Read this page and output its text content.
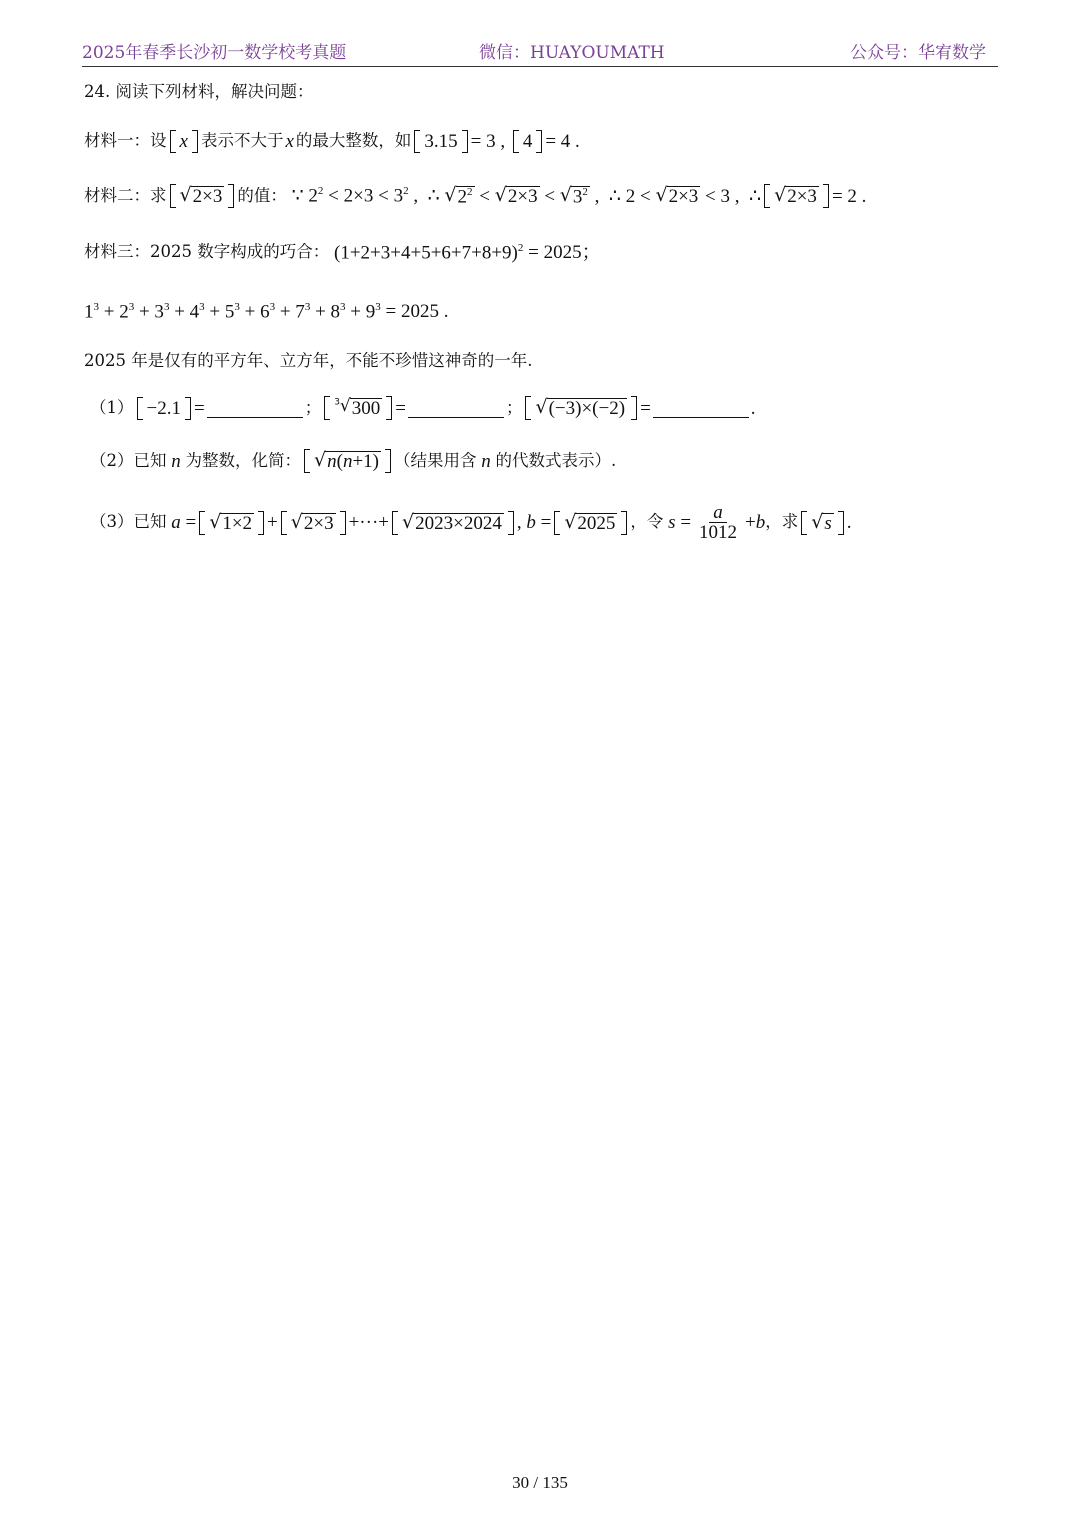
2025年春季长沙初一数学校考真题	微信：HUAYOUMATH	公众号：华宥数学
24. 阅读下列材料，解决问题：
材料一：设 x 表示不大于 x 的最大整数，如 3.15 = 3 , 4 = 4 .
材料二：求 √ 2×3 的值： ∵ $2^2 < 2\times 3 < 3^2$ ,  ∴ √ $2^2$ < √ 2×3 < √ $3^2$ ,  ∴ 2 < √ 2×3 < 3 ,  ∴ √ 2×3 = 2 .
材料三：2025 数字构成的巧合： $(1+2+3+4+5+6+7+8+9)^2 = 2025$；
$1^3 + 2^3 + 3^3 + 4^3 + 5^3 + 6^3 + 7^3 + 8^3 + 9^3 = 2025$ .
2025 年是仅有的平方年、立方年，不能不珍惜这神奇的一年.
（1） −2.1 =	； $^3$√ 300 =	； √ (−3)×(−2) =	.
（2）已知 n 为整数，化简： √ n(n+1) （结果用含 n 的代数式表示）.
（3）已知 a = √ 1×2 + √ 2×3 +···+ √ 2023×2024 , b = √ 2025 ，令 $s = \frac{a}{1012} +b$ ，求 √ s .
30 / 135
